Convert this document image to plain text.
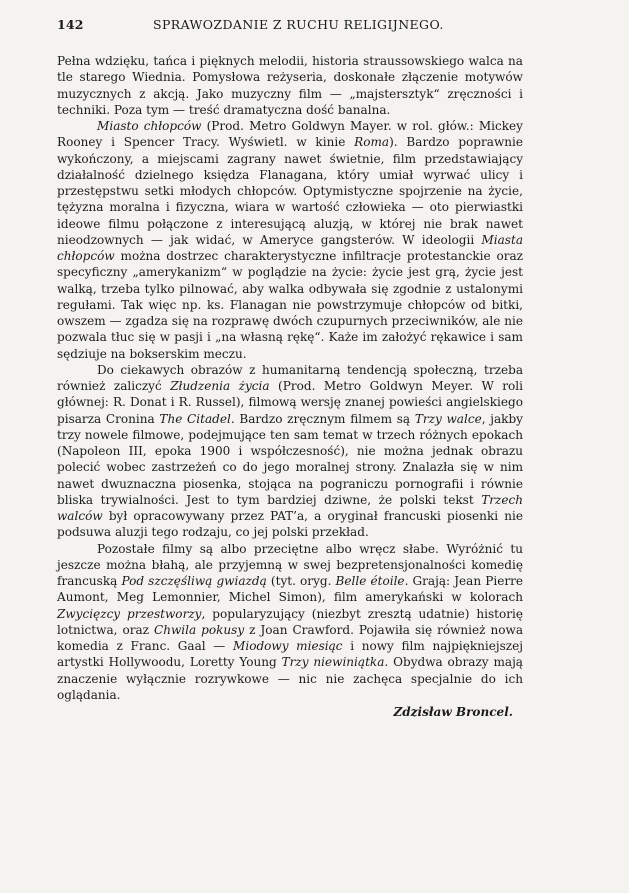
142	SPRAWOZDANIE Z RUCHU RELIGIJNEGO.

Pełna wdzięku, tańca i pięknych melodii, historia straussowskiego walca na tle starego Wiednia. Pomysłowa reżyseria, doskonałe złączenie motywów muzycznych z akcją. Jako muzyczny film — „majstersztyk“ zręczności i techniki. Poza tym — treść dramatyczna dość banalna.

Miasto chłopców (Prod. Metro Goldwyn Mayer. w rol. głów.: Mickey Rooney i Spencer Tracy. Wyświetl. w kinie Roma). Bardzo poprawnie wykończony, a miejscami zagrany nawet świetnie, film przedstawiający działalność dzielnego księdza Flanagana, który umiał wyrwać ulicy i przestępstwu setki młodych chłopców. Optymistyczne spojrzenie na życie, tężyzna moralna i fizyczna, wiara w wartość człowieka — oto pierwiastki ideowe filmu połączone z interesującą aluzją, w której nie brak nawet nieodzownych — jak widać, w Ameryce gangsterów. W ideologii Miasta chłopców można dostrzec charakterystyczne infiltracje protestanckie oraz specyficzny „amerykanizm“ w poglądzie na życie: życie jest grą, życie jest walką, trzeba tylko pilnować, aby walka odbywała się zgodnie z ustalonymi regułami. Tak więc np. ks. Flanagan nie powstrzymuje chłopców od bitki, owszem — zgadza się na rozprawę dwóch czupurnych przeciwników, ale nie pozwala tłuc się w pasji i „na własną rękę“. Każe im założyć rękawice i sam sędziuje na bokserskim meczu.

Do ciekawych obrazów z humanitarną tendencją społeczną, trzeba również zaliczyć Złudzenia życia (Prod. Metro Goldwyn Meyer. W roli głównej: R. Donat i R. Russel), filmową wersję znanej powieści angielskiego pisarza Cronina The Citadel. Bardzo zręcznym filmem są Trzy walce, jakby trzy nowele filmowe, podejmujące ten sam temat w trzech różnych epokach (Napoleon III, epoka 1900 i współczesność), nie można jednak obrazu polecić wobec zastrzeżeń co do jego moralnej strony. Znalazła się w nim nawet dwuznaczna piosenka, stojąca na pograniczu pornografii i równie bliska trywialności. Jest to tym bardziej dziwne, że polski tekst Trzech walców był opracowywany przez PAT’a, a oryginał francuski piosenki nie podsuwa aluzji tego rodzaju, co jej polski przekład.

Pozostałe filmy są albo przeciętne albo wręcz słabe. Wyróżnić tu jeszcze można błahą, ale przyjemną w swej bezpretensjonalności komedię francuską Pod szczęśliwą gwiazdą (tyt. oryg. Belle étoile. Grają: Jean Pierre Aumont, Meg Lemonnier, Michel Simon), film amerykański w kolorach Zwycięzcy przestworzy, popularyzujący (niezbyt zresztą udatnie) historię lotnictwa, oraz Chwila pokusy z Joan Crawford. Pojawiła się również nowa komedia z Franc. Gaal — Miodowy miesiąc i nowy film najpiękniejszej artystki Hollywoodu, Loretty Young Trzy niewiniątka. Obydwa obrazy mają znaczenie wyłącznie rozrywkowe — nic nie zachęca specjalnie do ich oglądania.

Zdzisław Broncel.
